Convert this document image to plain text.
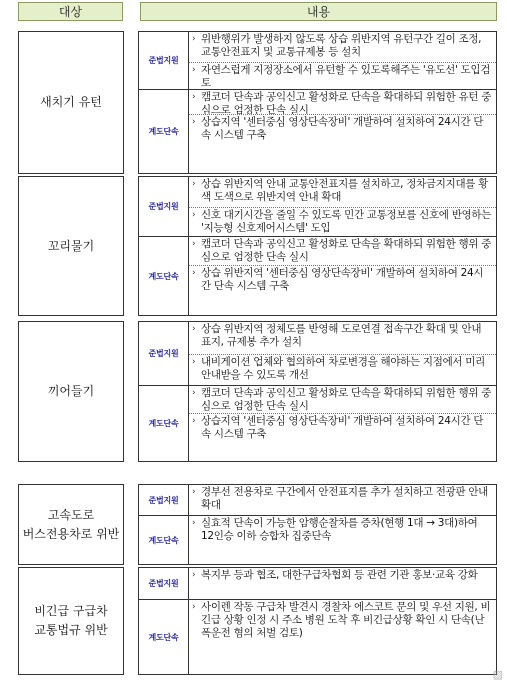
대상	내용
새치기 유턴
준법지원
› 위반행위가 발생하지 않도록 상습 위반지역 유턴구간 길이 조정, 교통안전표지 및 교통규제봉 등 설치
› 자연스럽게 지정장소에서 유턴할 수 있도록해주는 '유도선' 도입검토
계도단속
› 캠코더 단속과 공익신고 활성화로 단속을 확대하되 위험한 유턴 중심으로 엄정한 단속 실시
› 상습지역 '센터중심 영상단속장비' 개발하여 설치하여 24시간 단속 시스템 구축
꼬리물기
준법지원
› 상습 위반지역 안내 교통안전표지를 설치하고, 정차금지지대를 황색 도색으로 위반지역 안내 확대
› 신호 대기시간을 줄일 수 있도록 민간 교통정보를 신호에 반영하는 '지능형 신호제어시스템' 도입
계도단속
› 캠코더 단속과 공익신고 활성화로 단속을 확대하되 위험한 행위 중심으로 엄정한 단속 실시
› 상습 위반지역 '센터중심 영상단속장비' 개발하여 설치하여 24시간 단속 시스템 구축
끼어들기
준법지원
› 상습 위반지역 정체도를 반영해 도로연결 접속구간 확대 및 안내 표지, 규제봉 추가 설치
› 내비게이션 업체와 협의하여 차로변경을 해야하는 지점에서 미리 안내받을 수 있도록 개선
계도단속
› 캠코더 단속과 공익신고 활성화로 단속을 확대하되 위험한 행위 중심으로 엄정한 단속 실시
› 상습지역 '센터중심 영상단속장비' 개발하여 설치하여 24시간 단속 시스템 구축
고속도로
버스전용차로 위반
준법지원
› 경부선 전용차로 구간에서 안전표지를 추가 설치하고 전광판 안내 확대
계도단속
› 실효적 단속이 가능한 암행순찰차를 증차(현행 1대 → 3대)하여 12인승 이하 승합차 집중단속
비긴급 구급차
교통법규 위반
준법지원
› 복지부 등과 협조, 대한구급차협회 등 관련 기관 홍보·교육 강화
계도단속
› 사이렌 작동 구급차 발견시 경찰차 에스코트 문의 및 우선 지원, 비긴급 상황 인정 시 주소 병원 도착 후 비긴급상황 확인 시 단속(난폭운전 혐의 처벌 검토)
▨
